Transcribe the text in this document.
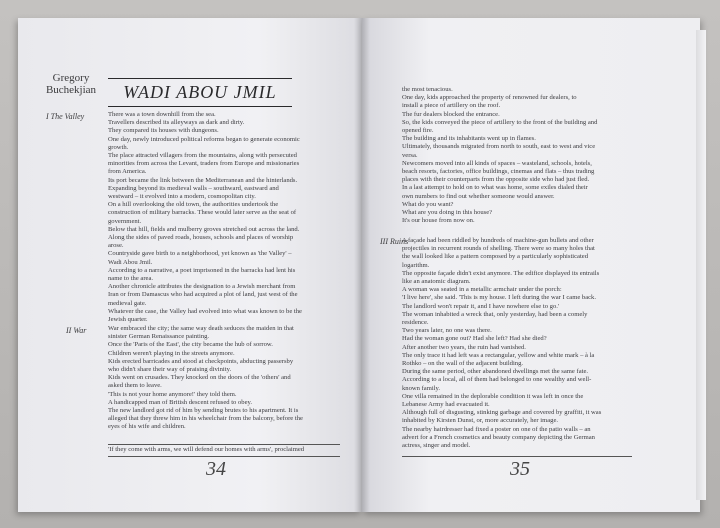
Gregory
Buchekjian	WADI ABOU JMIL
I The Valley	There was a town downhill from the sea.
Travellers described its alleyways as dark and dirty.
They compared its houses with dungeons.
One day, newly introduced political reforms began to generate economic
growth.
The place attracted villagers from the mountains, along with persecuted
minorities from across the Levant, traders from Europe and missionaries
from America.
Its port became the link between the Mediterranean and the hinterlands.
Expanding beyond its medieval walls – southward, eastward and
westward – it evolved into a modern, cosmopolitan city.
On a hill overlooking the old town, the authorities undertook the
construction of military barracks. These would later serve as the seat of
government.
Below that hill, fields and mulberry groves stretched out across the land.
Along the sides of paved roads, houses, schools and places of worship
arose.
Countryside gave birth to a neighborhood, yet known as 'the Valley' –
Wadi Abou Jmil.
According to a narrative, a poet imprisoned in the barracks had lent his
name to the area.
Another chronicle attributes the designation to a Jewish merchant from
Iran or from Damascus who had acquired a plot of land, just west of the
medieval gate.
Whatever the case, the Valley had evolved into what was known to be the
Jewish quarter.
II War	War embraced the city; the same way death seduces the maiden in that
sinister German Renaissance painting.
Once the 'Paris of the East', the city became the hub of sorrow.
Children weren't playing in the streets anymore.
Kids erected barricades and stood at checkpoints, abducting passersby
who didn't share their way of praising divinity.
Kids went on crusades. They knocked on the doors of the 'others' and
asked them to leave.
'This is not your home anymore!' they told them.
A handicapped man of British descent refused to obey.
The new landlord got rid of him by sending brutes to his apartment. It is
alleged that they threw him in his wheelchair from the balcony, before the
eyes of his wife and children.
'If they come with arms, we will defend our homes with arms', proclaimed
34
the most tenacious.
One day, kids approached the property of renowned fur dealers, to
install a piece of artillery on the roof.
The fur dealers blocked the entrance.
So, the kids conveyed the piece of artillery to the front of the building and
opened fire.
The building and its inhabitants went up in flames.
Ultimately, thousands migrated from north to south, east to west and vice
versa.
Newcomers moved into all kinds of spaces – wasteland, schools, hotels,
beach resorts, factories, office buildings, cinemas and flats – thus trading
places with their counterparts from the opposite side who had just fled.
In a last attempt to hold on to what was home, some exiles dialed their
own numbers to find out whether someone would answer.
What do you want?
What are you doing in this house?
It's our house from now on.
III Ruins
A façade had been riddled by hundreds of machine-gun bullets and other
projectiles in recurrent rounds of shelling. There were so many holes that
the wall looked like a pattern composed by a particularly sophisticated
logarithm.
The opposite façade didn't exist anymore. The edifice displayed its entrails
like an anatomic diagram.
A woman was seated in a metallic armchair under the porch:
'I live here', she said. 'This is my house. I left during the war I came back.
The landlord won't repair it, and I have nowhere else to go.'
The woman inhabited a wreck that, only yesterday, had been a comely
residence.
Two years later, no one was there.
Had the woman gone out? Had she left? Had she died?
After another two years, the ruin had vanished.
The only trace it had left was a rectangular, yellow and white mark – à la
Rothko – on the wall of the adjacent building.
During the same period, other abandoned dwellings met the same fate.
According to a local, all of them had belonged to one wealthy and well-
known family.
One villa remained in the deplorable condition it was left in once the
Lebanese Army had evacuated it.
Although full of disgusting, stinking garbage and covered by graffiti, it was
inhabited by Kirsten Dunst, or, more accurately, her image.
The nearby hairdresser had fixed a poster on one of the patio walls – an
advert for a French cosmetics and beauty company depicting the German
actress, singer and model.
35
